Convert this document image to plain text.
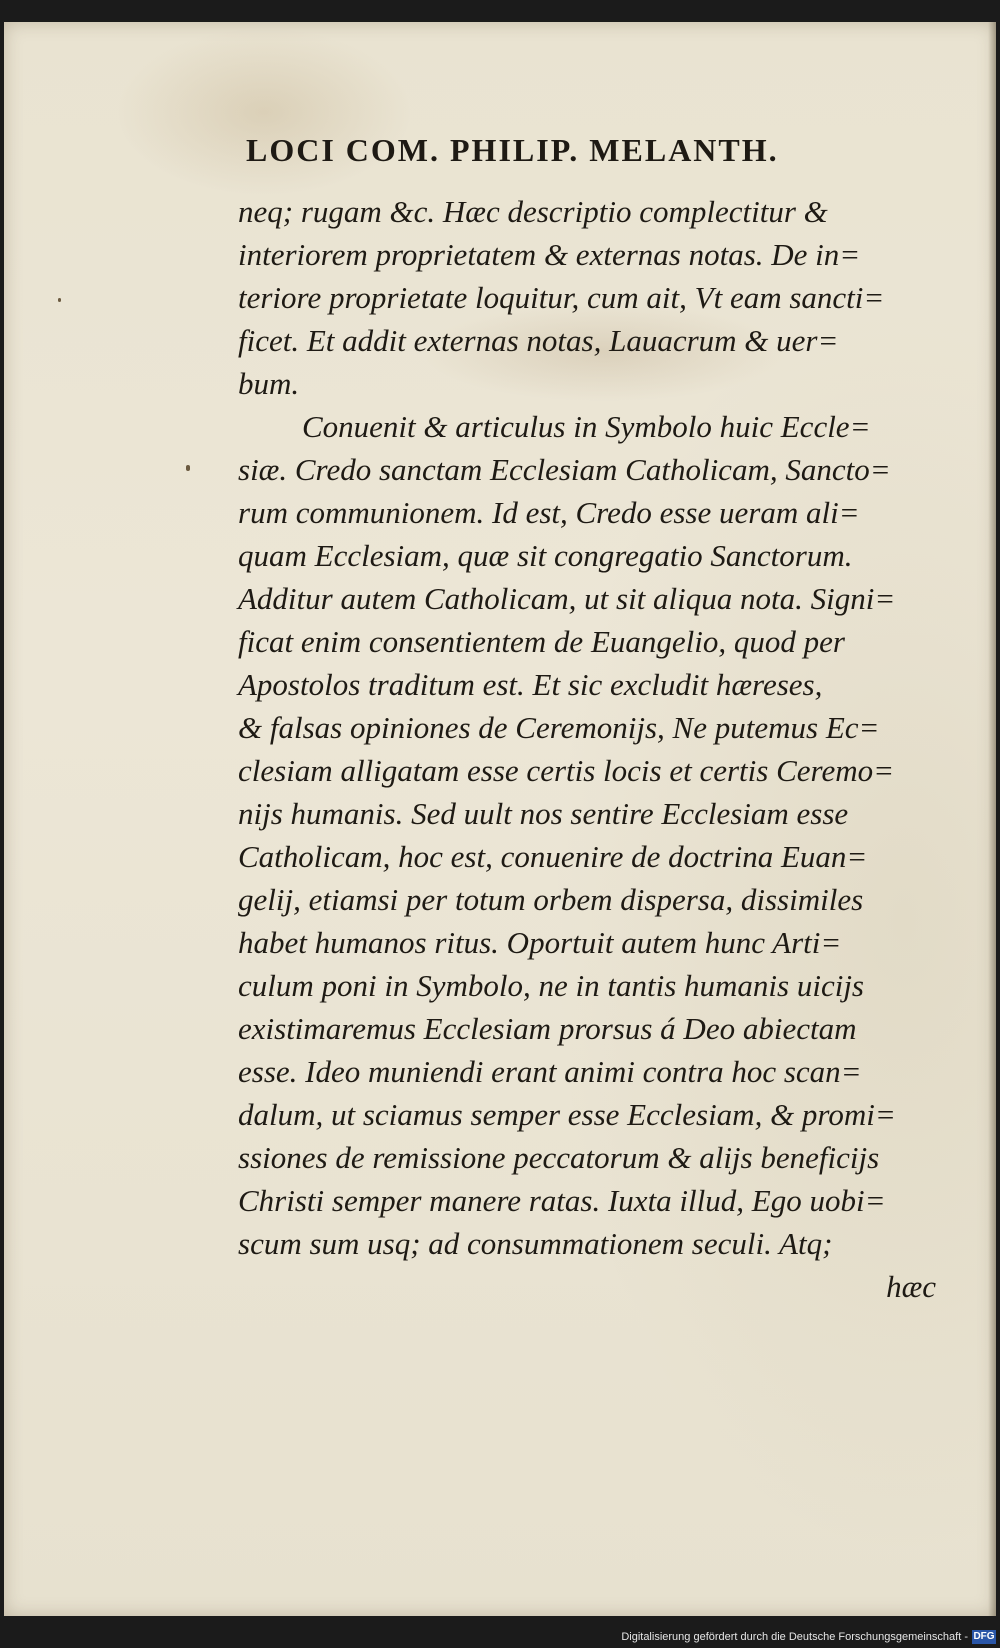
LOCI COM. PHILIP. MELANTH.

neq; rugam &c. Hæc descriptio complectitur &

interiorem proprietatem & externas notas. De in=

teriore proprietate loquitur, cum ait, Vt eam sancti=

ficet. Et addit externas notas, Lauacrum & uer=

bum.

Conuenit & articulus in Symbolo huic Eccle=

siæ. Credo sanctam Ecclesiam Catholicam, Sancto=

rum communionem. Id est, Credo esse ueram ali=

quam Ecclesiam, quæ sit congregatio Sanctorum.

Additur autem Catholicam, ut sit aliqua nota. Signi=

ficat enim consentientem de Euangelio, quod per

Apostolos traditum est. Et sic excludit hæreses,

& falsas opiniones de Ceremonijs, Ne putemus Ec=

clesiam alligatam esse certis locis et certis Ceremo=

nijs humanis. Sed uult nos sentire Ecclesiam esse

Catholicam, hoc est, conuenire de doctrina Euan=

gelij, etiamsi per totum orbem dispersa, dissimiles

habet humanos ritus. Oportuit autem hunc Arti=

culum poni in Symbolo, ne in tantis humanis uicijs

existimaremus Ecclesiam prorsus á Deo abiectam

esse. Ideo muniendi erant animi contra hoc scan=

dalum, ut sciamus semper esse Ecclesiam, & promi=

ssiones de remissione peccatorum & alijs beneficijs

Christi semper manere ratas. Iuxta illud, Ego uobi=

scum sum usq; ad consummationem seculi. Atq;

hæc

Digitalisierung gefördert durch die Deutsche Forschungsgemeinschaft - DFG
